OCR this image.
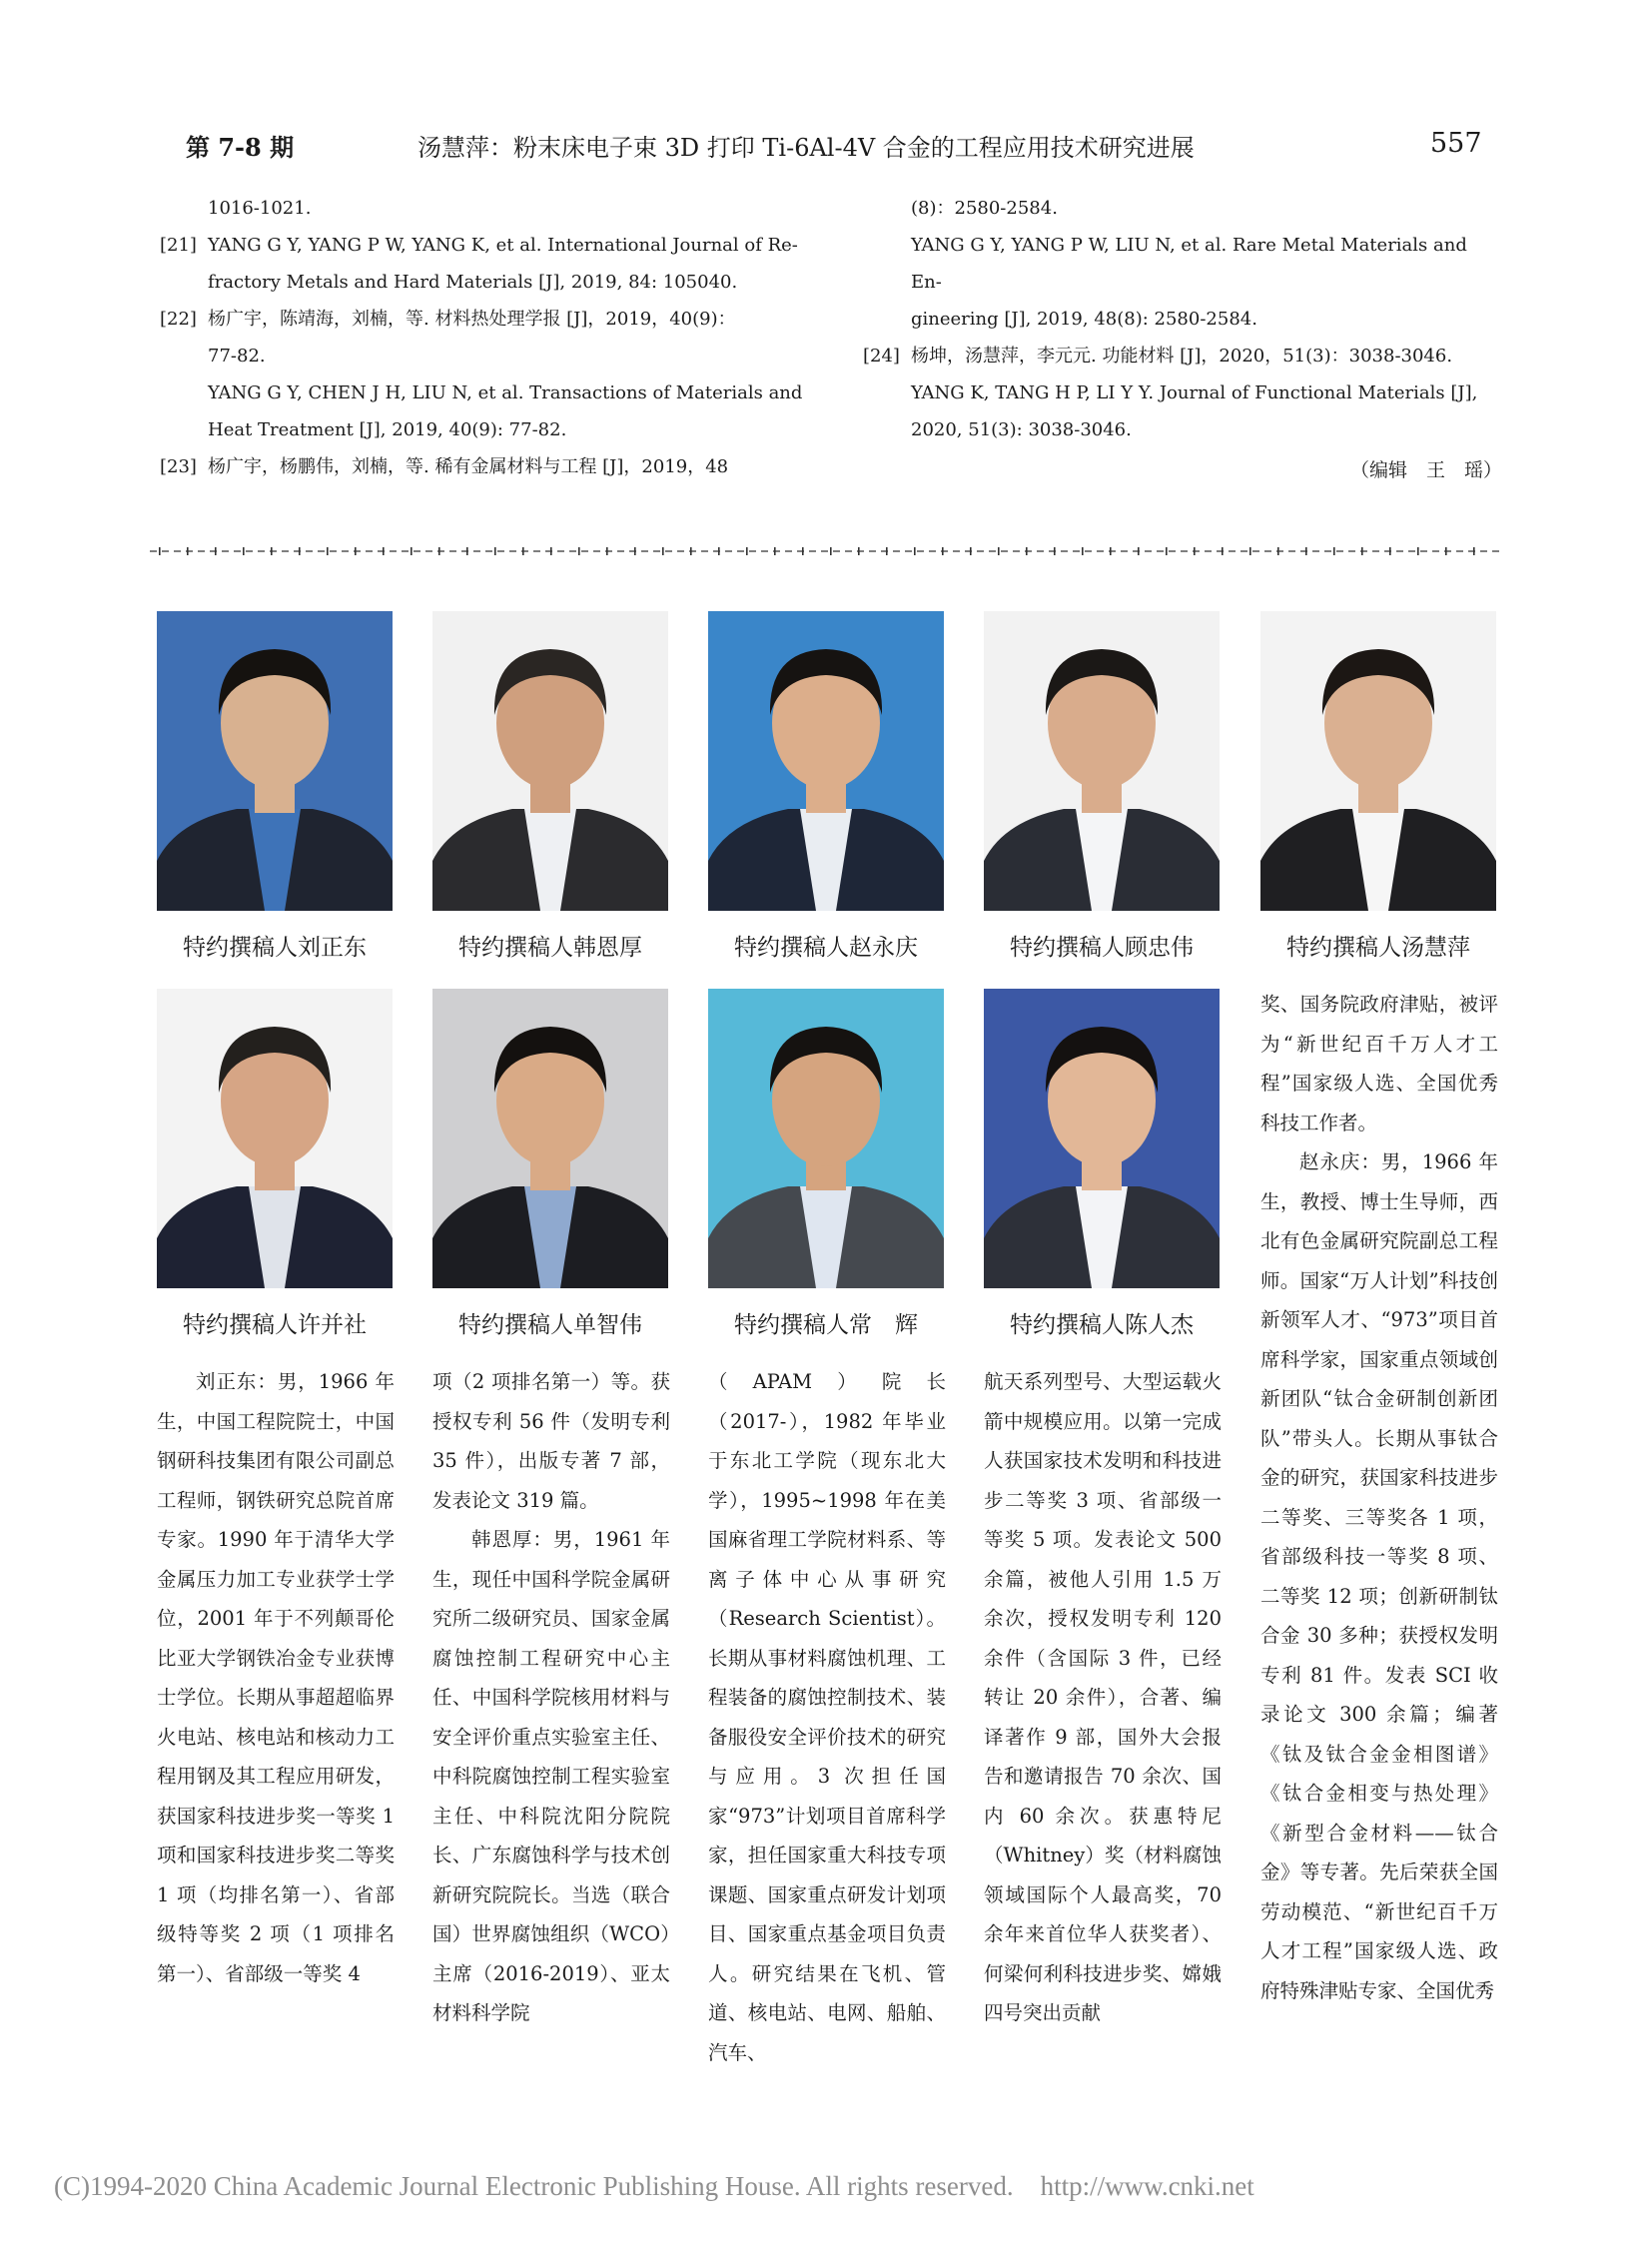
第 7-8 期	汤慧萍：粉末床电子束 3D 打印 Ti-6Al-4V 合金的工程应用技术研究进展	557
1016-1021.
[21] YANG G Y, YANG P W, YANG K, et al. International Journal of Re-
fractory Metals and Hard Materials [J], 2019, 84: 105040.
[22] 杨广宇，陈靖海，刘楠，等. 材料热处理学报 [J]，2019，40(9)：
77-82.
YANG G Y, CHEN J H, LIU N, et al. Transactions of Materials and
Heat Treatment [J], 2019, 40(9): 77-82.
[23] 杨广宇，杨鹏伟，刘楠，等. 稀有金属材料与工程 [J]，2019，48
(8)：2580-2584.
YANG G Y, YANG P W, LIU N, et al. Rare Metal Materials and En-
gineering [J], 2019, 48(8): 2580-2584.
[24] 杨坤，汤慧萍，李元元. 功能材料 [J]，2020，51(3)：3038-3046.
YANG K, TANG H P, LI Y Y. Journal of Functional Materials [J],
2020, 51(3): 3038-3046.
（编辑　王　瑶）
特约撰稿人刘正东	特约撰稿人韩恩厚	特约撰稿人赵永庆	特约撰稿人顾忠伟	特约撰稿人汤慧萍
特约撰稿人许并社	特约撰稿人单智伟	特约撰稿人常　辉	特约撰稿人陈人杰

刘正东：男，1966 年生，中国工程院院士，中国钢研科技集团有限公司副总工程师，钢铁研究总院首席专家。1990 年于清华大学金属压力加工专业获学士学位，2001 年于不列颠哥伦比亚大学钢铁冶金专业获博士学位。长期从事超超临界火电站、核电站和核动力工程用钢及其工程应用研发，获国家科技进步奖一等奖 1 项和国家科技进步奖二等奖 1 项（均排名第一）、省部级特等奖 2 项（1 项排名第一）、省部级一等奖 4

项（2 项排名第一）等。获授权专利 56 件（发明专利 35 件），出版专著 7 部，发表论文 319 篇。

韩恩厚：男，1961 年生，现任中国科学院金属研究所二级研究员、国家金属腐蚀控制工程研究中心主任、中国科学院核用材料与安全评价重点实验室主任、中科院腐蚀控制工程实验室主任、中科院沈阳分院院长、广东腐蚀科学与技术创新研究院院长。当选（联合国）世界腐蚀组织（WCO）主席（2016-2019）、亚太材料科学院

（APAM）院长（2017-），1982 年毕业于东北工学院（现东北大学），1995~1998 年在美国麻省理工学院材料系、等离子体中心从事研究（Research Scientist）。长期从事材料腐蚀机理、工程装备的腐蚀控制技术、装备服役安全评价技术的研究与应用。3 次担任国家“973”计划项目首席科学家，担任国家重大科技专项课题、国家重点研发计划项目、国家重点基金项目负责人。研究结果在飞机、管道、核电站、电网、船舶、汽车、

航天系列型号、大型运载火箭中规模应用。以第一完成人获国家技术发明和科技进步二等奖 3 项、省部级一等奖 5 项。发表论文 500 余篇，被他人引用 1.5 万余次，授权发明专利 120 余件（含国际 3 件，已经转让 20 余件），合著、编译著作 9 部，国外大会报告和邀请报告 70 余次、国内 60 余次。获惠特尼（Whitney）奖（材料腐蚀领域国际个人最高奖，70 余年来首位华人获奖者）、何梁何利科技进步奖、嫦娥四号突出贡献

奖、国务院政府津贴，被评为“新世纪百千万人才工程”国家级人选、全国优秀科技工作者。

赵永庆：男，1966 年生，教授、博士生导师，西北有色金属研究院副总工程师。国家“万人计划”科技创新领军人才、“973”项目首席科学家，国家重点领域创新团队“钛合金研制创新团队”带头人。长期从事钛合金的研究，获国家科技进步二等奖、三等奖各 1 项，省部级科技一等奖 8 项、二等奖 12 项；创新研制钛合金 30 多种；获授权发明专利 81 件。发表 SCI 收录论文 300 余篇；编著《钛及钛合金金相图谱》《钛合金相变与热处理》《新型合金材料——钛合金》等专著。先后荣获全国劳动模范、“新世纪百千万人才工程”国家级人选、政府特殊津贴专家、全国优秀

(C)1994-2020 China Academic Journal Electronic Publishing House. All rights reserved.    http://www.cnki.net
